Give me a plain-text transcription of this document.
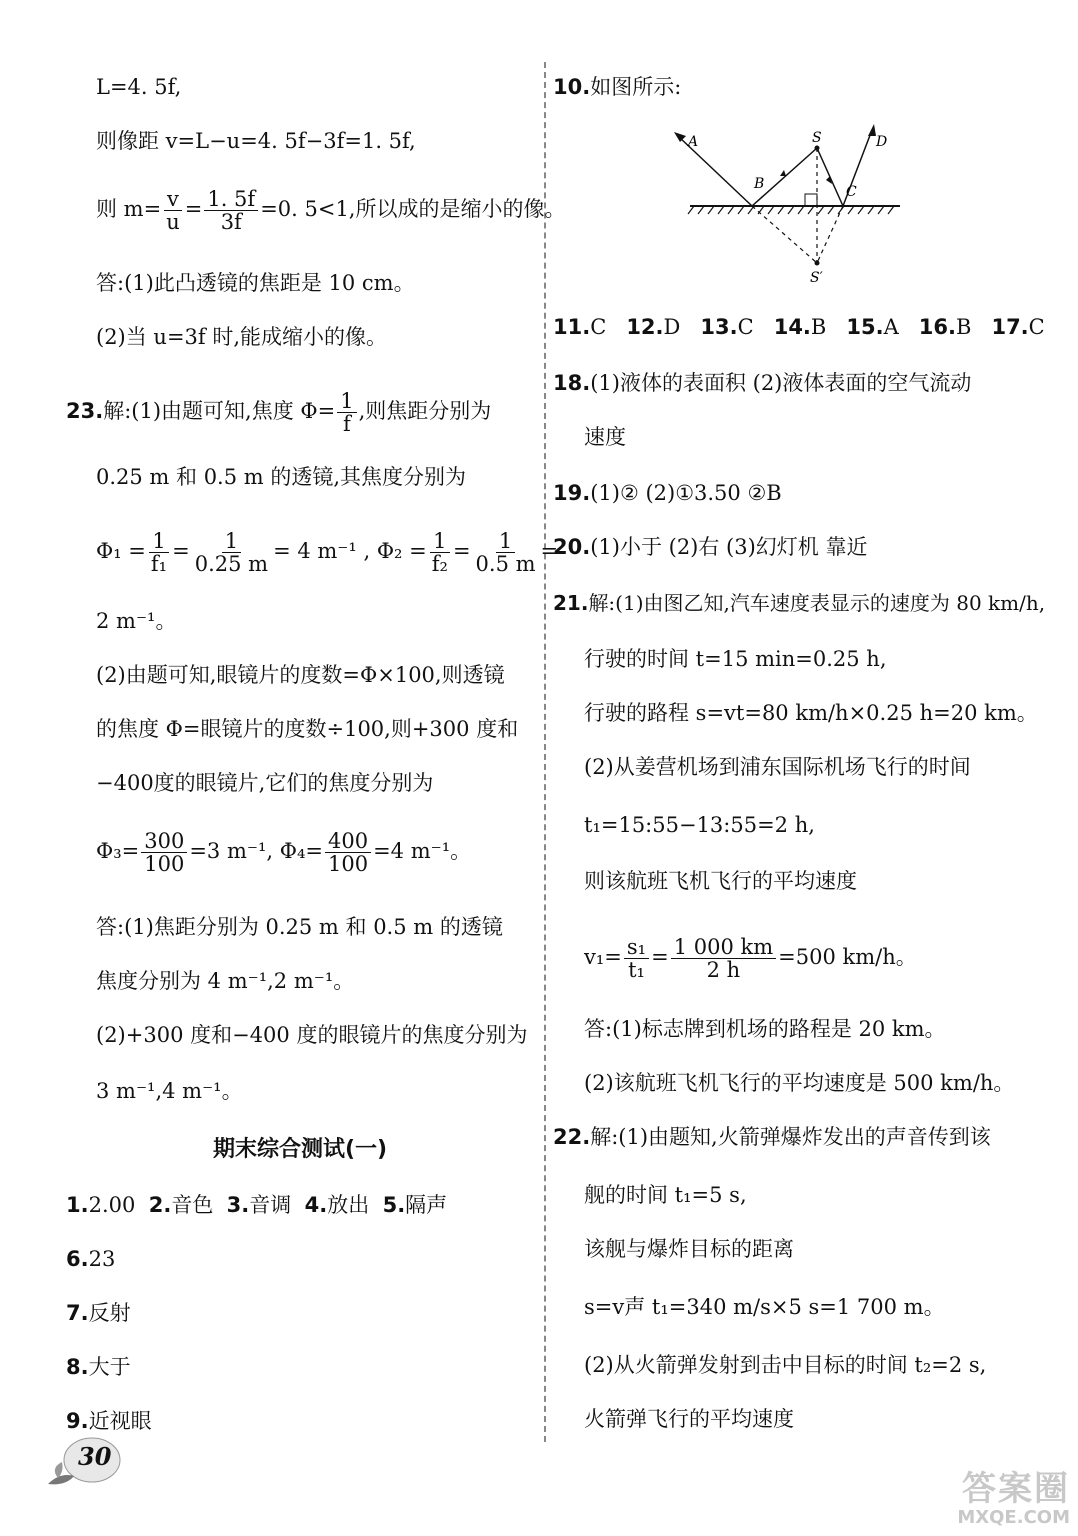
L=4. 5f,
则像距 v=L−u=4. 5f−3f=1. 5f,
则 $m= \frac{v}{u} = \frac{1. 5f}{3f} =0$. 5<1,所以成的是缩小的像。
答:(1)此凸透镜的焦距是 10 cm。
(2)当 u=3f 时,能成缩小的像。
23.解:(1)由题可知,焦度 $\Phi= \frac{1}{f}$ ,则焦距分别为
0.25 m 和 0.5 m 的透镜,其焦度分别为
$\Phi_1 = \frac{1}{\text{f₁}} = \frac{1}{0.25 m} = 4$ m⁻¹ , $\Phi_2 = \frac{1}{\text{f₂}} = \frac{1}{0.5 m}$ =
2 m⁻¹。
(2)由题可知,眼镜片的度数=Φ×100,则透镜
的焦度 Φ=眼镜片的度数÷100,则+300 度和
−400度的眼镜片,它们的焦度分别为
$\Phi_3= \frac{300}{100} =3$ m⁻¹, $\Phi_4= \frac{400}{100} =4$ m⁻¹。
答:(1)焦距分别为 0.25 m 和 0.5 m 的透镜
焦度分别为 4 m⁻¹,2 m⁻¹。
(2)+300 度和−400 度的眼镜片的焦度分别为
3 m⁻¹,4 m⁻¹。
期末综合测试(一)
1.2.00 2.音色 3.音调 4.放出 5.隔声
6.23
7.反射
8.大于
9.近视眼
10.如图所示:
A
B
S
C
D
S′
11.C 12.D 13.C 14.B 15.A 16.B 17.C
18.(1)液体的表面积 (2)液体表面的空气流动
速度
19.(1)② (2)①3.50 ②B
20.(1)小于 (2)右 (3)幻灯机 靠近
21.解:(1)由图乙知,汽车速度表显示的速度为 80 km/h,
行驶的时间 t=15 min=0.25 h,
行驶的路程 s=vt=80 km/h×0.25 h=20 km。
(2)从姜营机场到浦东国际机场飞行的时间
t₁=15:55−13:55=2 h,
则该航班飞机飞行的平均速度
$v_1= \frac{\text{s₁}}{\text{t₁}} = \frac{1 000 km}{2 h} =500$ km/h。
答:(1)标志牌到机场的路程是 20 km。
(2)该航班飞机飞行的平均速度是 500 km/h。
22.解:(1)由题知,火箭弹爆炸发出的声音传到该
舰的时间 t₁=5 s,
该舰与爆炸目标的距离
s=v声 t₁=340 m/s×5 s=1 700 m。
(2)从火箭弹发射到击中目标的时间 t₂=2 s,
火箭弹飞行的平均速度
30
答案圈
MXQE.COM
